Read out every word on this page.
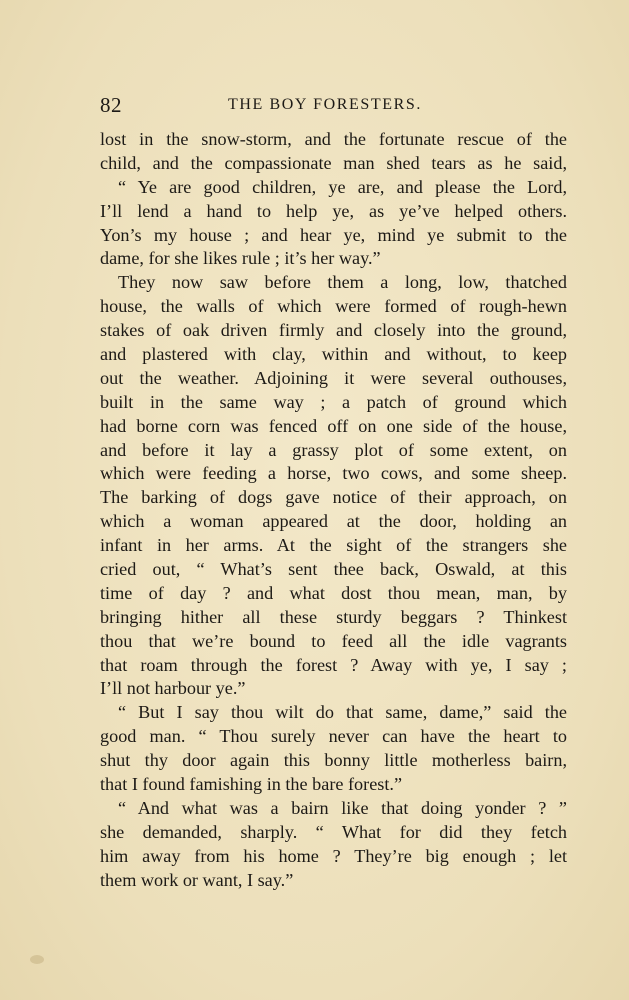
82	THE BOY FORESTERS.
lost in the snow-storm, and the fortunate rescue of the
child, and the compassionate man shed tears as he said,
“ Ye are good children, ye are, and please the Lord,
I’ll lend a hand to help ye, as ye’ve helped others.
Yon’s my house ; and hear ye, mind ye submit to the
dame, for she likes rule ; it’s her way.”
They now saw before them a long, low, thatched
house, the walls of which were formed of rough-hewn
stakes of oak driven firmly and closely into the ground,
and plastered with clay, within and without, to keep
out the weather. Adjoining it were several outhouses,
built in the same way ; a patch of ground which
had borne corn was fenced off on one side of the house,
and before it lay a grassy plot of some extent, on
which were feeding a horse, two cows, and some sheep.
The barking of dogs gave notice of their approach, on
which a woman appeared at the door, holding an
infant in her arms. At the sight of the strangers she
cried out, “ What’s sent thee back, Oswald, at this
time of day ? and what dost thou mean, man, by
bringing hither all these sturdy beggars ? Thinkest
thou that we’re bound to feed all the idle vagrants
that roam through the forest ? Away with ye, I say ;
I’ll not harbour ye.”
“ But I say thou wilt do that same, dame,” said the
good man. “ Thou surely never can have the heart to
shut thy door again this bonny little motherless bairn,
that I found famishing in the bare forest.”
“ And what was a bairn like that doing yonder ? ”
she demanded, sharply. “ What for did they fetch
him away from his home ? They’re big enough ; let
them work or want, I say.”
